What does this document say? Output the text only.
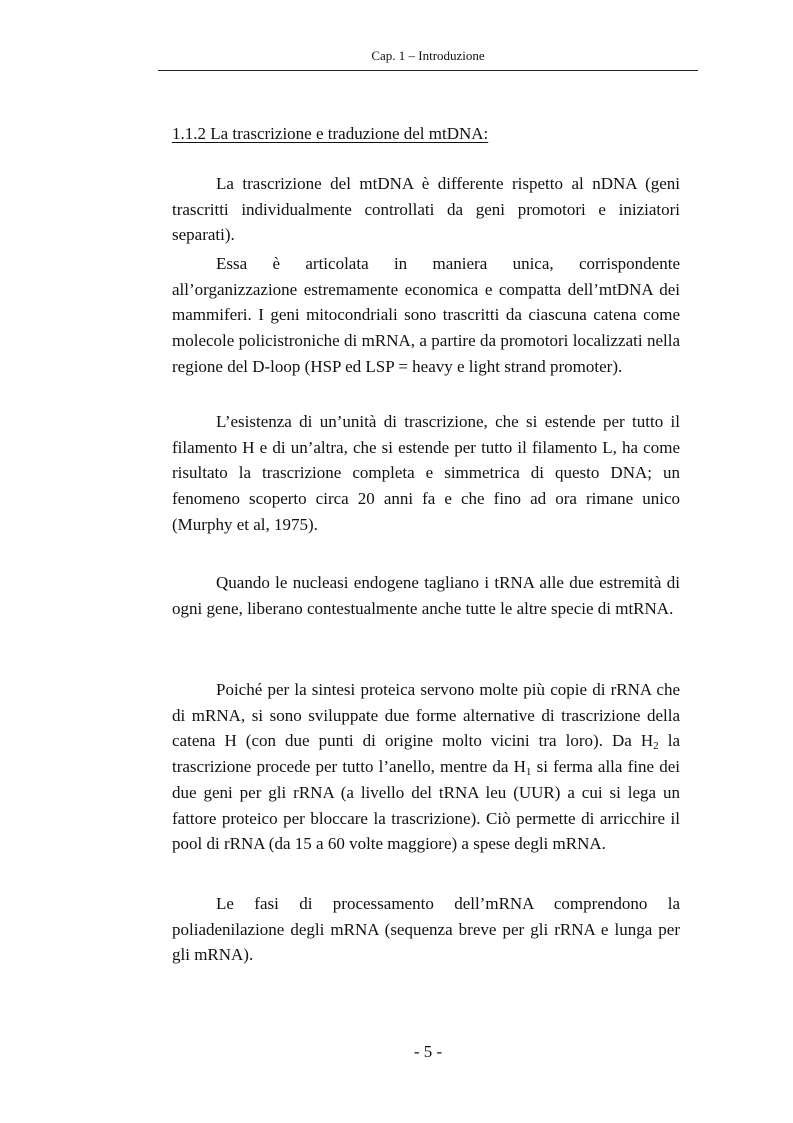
Cap. 1 – Introduzione
1.1.2 La trascrizione e traduzione del mtDNA:

La trascrizione del mtDNA è differente rispetto al nDNA (geni trascritti individualmente controllati da geni promotori e iniziatori separati).

Essa è articolata in maniera unica, corrispondente all’organizzazione estremamente economica e compatta dell’mtDNA dei mammiferi. I geni mitocondriali sono trascritti da ciascuna catena come molecole policistroniche di mRNA, a partire da promotori localizzati nella regione del D-loop (HSP ed LSP = heavy e light strand promoter).

L’esistenza di un’unità di trascrizione, che si estende per tutto il filamento H e di un’altra, che si estende per tutto il filamento L, ha come risultato la trascrizione completa e simmetrica di questo DNA; un fenomeno scoperto circa 20 anni fa e che fino ad ora rimane unico (Murphy et al, 1975).

Quando le nucleasi endogene tagliano i tRNA alle due estremità di ogni gene, liberano contestualmente anche tutte le altre specie di mtRNA.

Poiché per la sintesi proteica servono molte più copie di rRNA che di mRNA, si sono sviluppate due forme alternative di trascrizione della catena H (con due punti di origine molto vicini tra loro). Da $H_2$ la trascrizione procede per tutto l’anello, mentre da $H_1$ si ferma alla fine dei due geni per gli rRNA (a livello del tRNA leu (UUR) a cui si lega un fattore proteico per bloccare la trascrizione). Ciò permette di arricchire il pool di rRNA (da 15 a 60 volte maggiore) a spese degli mRNA.

Le fasi di processamento dell’mRNA comprendono la poliadenilazione degli mRNA (sequenza breve per gli rRNA e lunga per gli mRNA).

- 5 -
